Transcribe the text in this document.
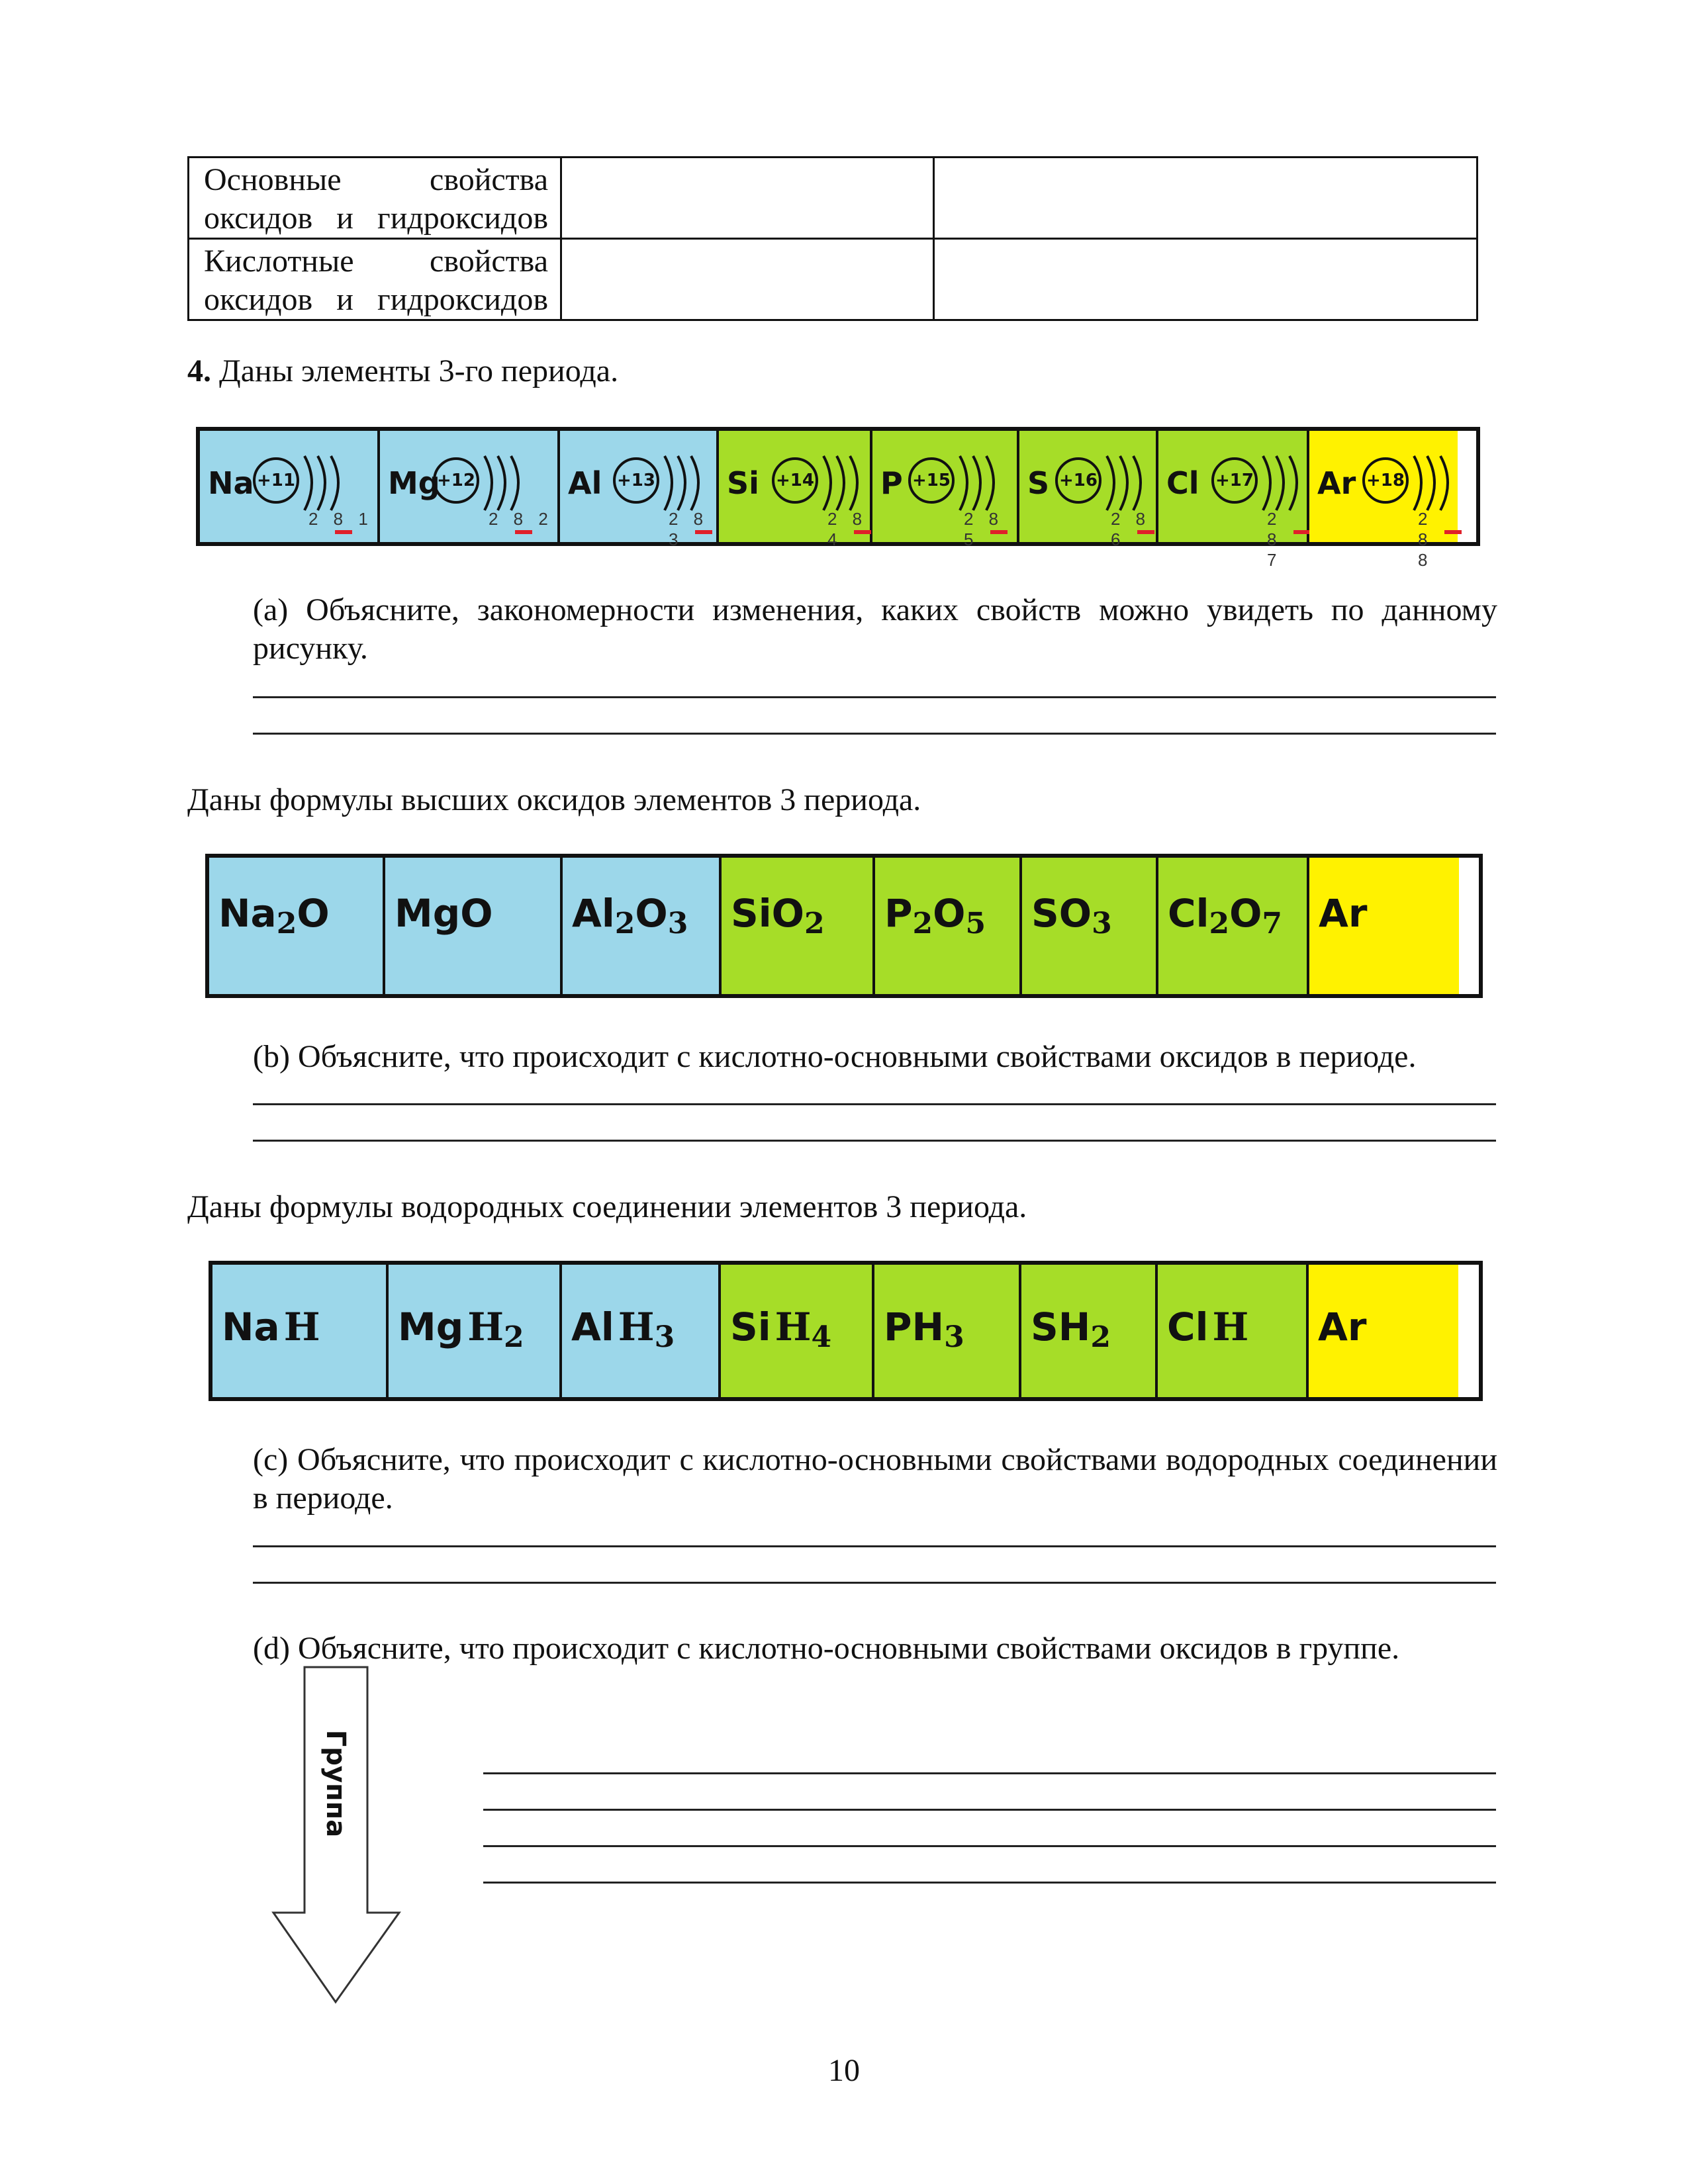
Основные свойства оксидов и гидроксидов		
Кислотные свойства оксидов и гидроксидов		
4. Даны элементы 3-го периода.
Na +11
2 8 1
Mg
+12
2 8 2
Al +13
2 8 3
Si +14
2 8 4
P +15
2 8 5
S +16
2 8 6
Cl +17
2 8 7
Ar +18
2 8 8
(a) Объясните, закономерности изменения, каких свойств можно увидеть по данному рисунку.
Даны формулы высших оксидов элементов 3 периода.
$Na_2O$ MgO $Al_2O_3$ SiO$_2$ $P_2O_5$ $SO_3$ $Cl_2O_7$ Ar
(b) Объясните, что происходит с кислотно-основными свойствами оксидов в периоде.
Даны формулы водородных соединении элементов 3 периода.
Na H Mg $H_2$ Al $H_3$ Si $H_4$ $PH_3$ $SH_2$ Cl H Ar
(c) Объясните, что происходит с кислотно-основными свойствами водородных соединении в периоде.
(d) Объясните, что происходит с кислотно-основными свойствами оксидов в группе.
Группа
10
